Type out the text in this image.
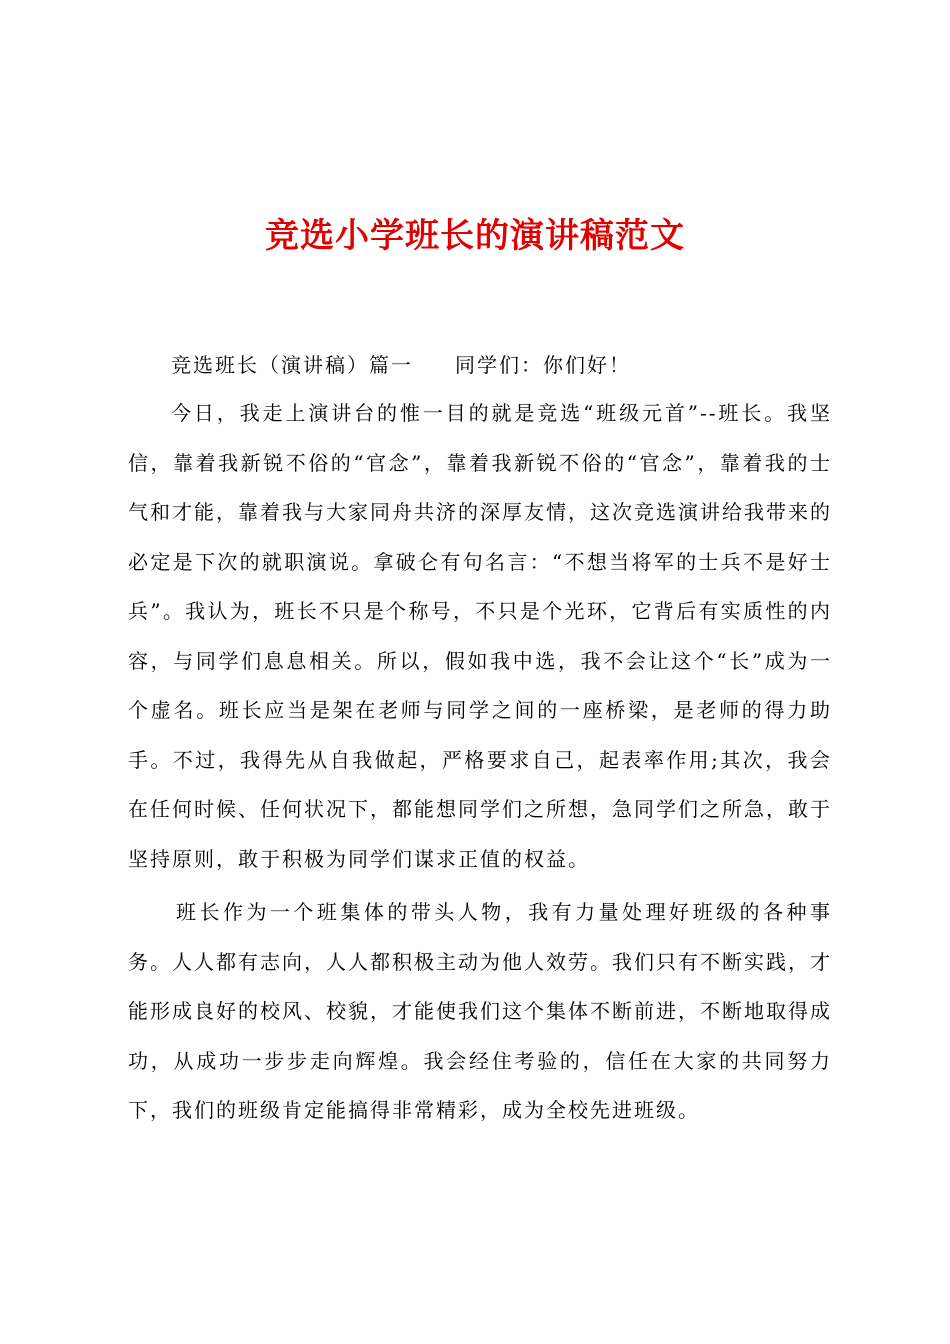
竞选小学班长的演讲稿范文

竞选班长（演讲稿）篇一 同学们：你们好！

今日，我走上演讲台的惟一目的就是竞选“班级元首”--班长。我坚信，靠着我新锐不俗的“官念”，靠着我新锐不俗的“官念”，靠着我的士气和才能，靠着我与大家同舟共济的深厚友情，这次竞选演讲给我带来的必定是下次的就职演说。拿破仑有句名言：“不想当将军的士兵不是好士兵”。我认为，班长不只是个称号，不只是个光环，它背后有实质性的内容，与同学们息息相关。所以，假如我中选，我不会让这个“长”成为一个虚名。班长应当是架在老师与同学之间的一座桥梁，是老师的得力助手。不过，我得先从自我做起，严格要求自己，起表率作用;其次，我会在任何时候、任何状况下，都能想同学们之所想，急同学们之所急，敢于坚持原则，敢于积极为同学们谋求正值的权益。

班长作为一个班集体的带头人物，我有力量处理好班级的各种事务。人人都有志向，人人都积极主动为他人效劳。我们只有不断实践，才能形成良好的校风、校貌，才能使我们这个集体不断前进，不断地取得成功，从成功一步步走向辉煌。我会经住考验的，信任在大家的共同努力下，我们的班级肯定能搞得非常精彩，成为全校先进班级。
